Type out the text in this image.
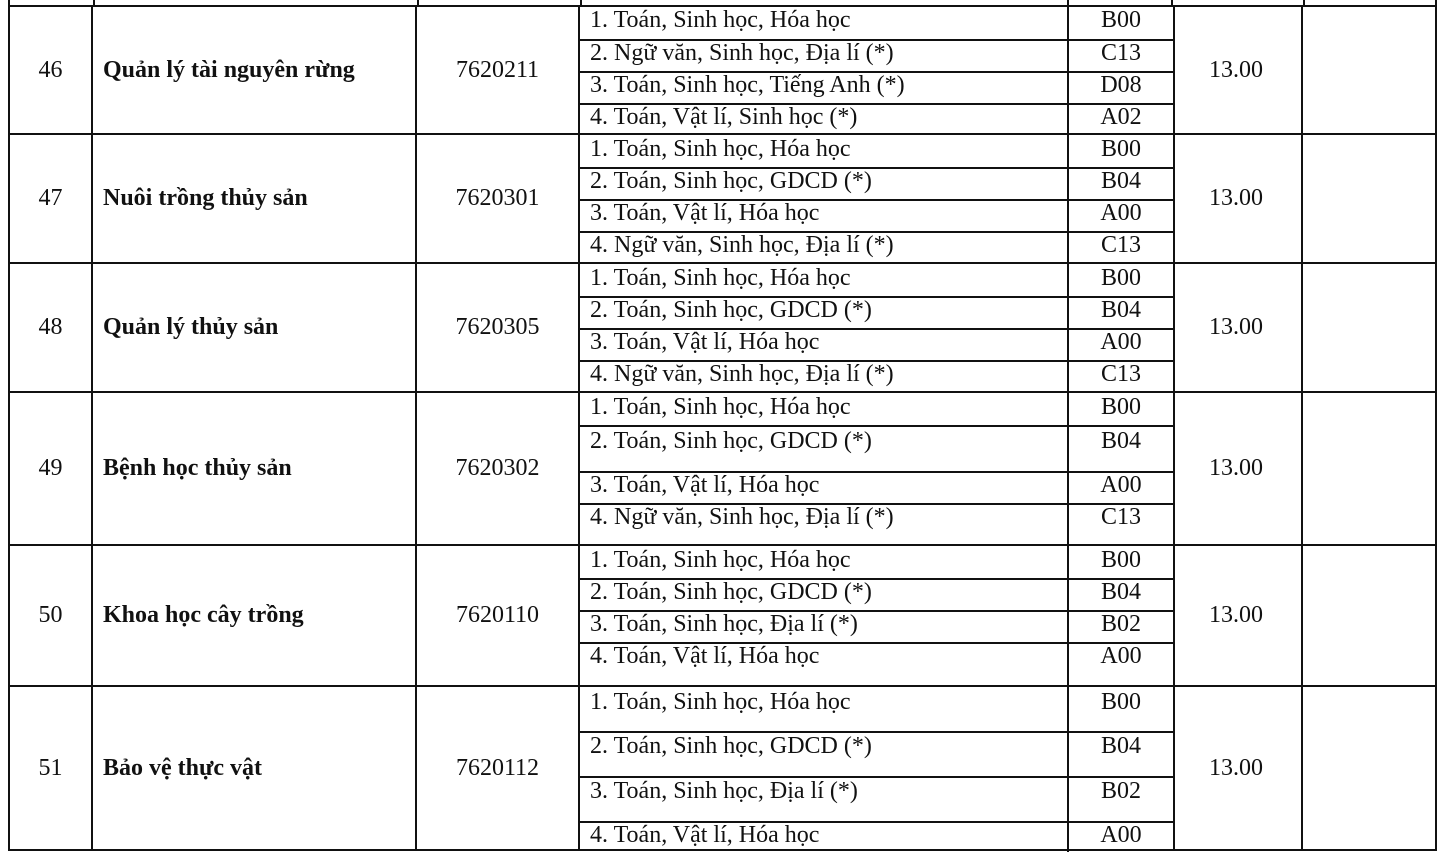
46	Quản lý tài nguyên rừng	7620211
1. Toán, Sinh học, Hóa học	B00
2. Ngữ văn, Sinh học, Địa lí (*)	C13
3. Toán, Sinh học, Tiếng Anh (*)	D08
4. Toán, Vật lí, Sinh học (*)	A02
13.00
47	Nuôi trồng thủy sản	7620301
1. Toán, Sinh học, Hóa học	B00
2. Toán, Sinh học, GDCD (*)	B04
3. Toán, Vật lí, Hóa học	A00
4. Ngữ văn, Sinh học, Địa lí (*)	C13
13.00
48	Quản lý thủy sản	7620305
1. Toán, Sinh học, Hóa học	B00
2. Toán, Sinh học, GDCD (*)	B04
3. Toán, Vật lí, Hóa học	A00
4. Ngữ văn, Sinh học, Địa lí (*)	C13
13.00
49	Bệnh học thủy sản	7620302
1. Toán, Sinh học, Hóa học	B00
2. Toán, Sinh học, GDCD (*)	B04
3. Toán, Vật lí, Hóa học	A00
4. Ngữ văn, Sinh học, Địa lí (*)	C13
13.00
50	Khoa học cây trồng	7620110
1. Toán, Sinh học, Hóa học	B00
2. Toán, Sinh học, GDCD (*)	B04
3. Toán, Sinh học, Địa lí (*)	B02
4. Toán, Vật lí, Hóa học	A00
13.00
51	Bảo vệ thực vật	7620112
1. Toán, Sinh học, Hóa học	B00
2. Toán, Sinh học, GDCD (*)	B04
3. Toán, Sinh học, Địa lí (*)	B02
4. Toán, Vật lí, Hóa học	A00
13.00
